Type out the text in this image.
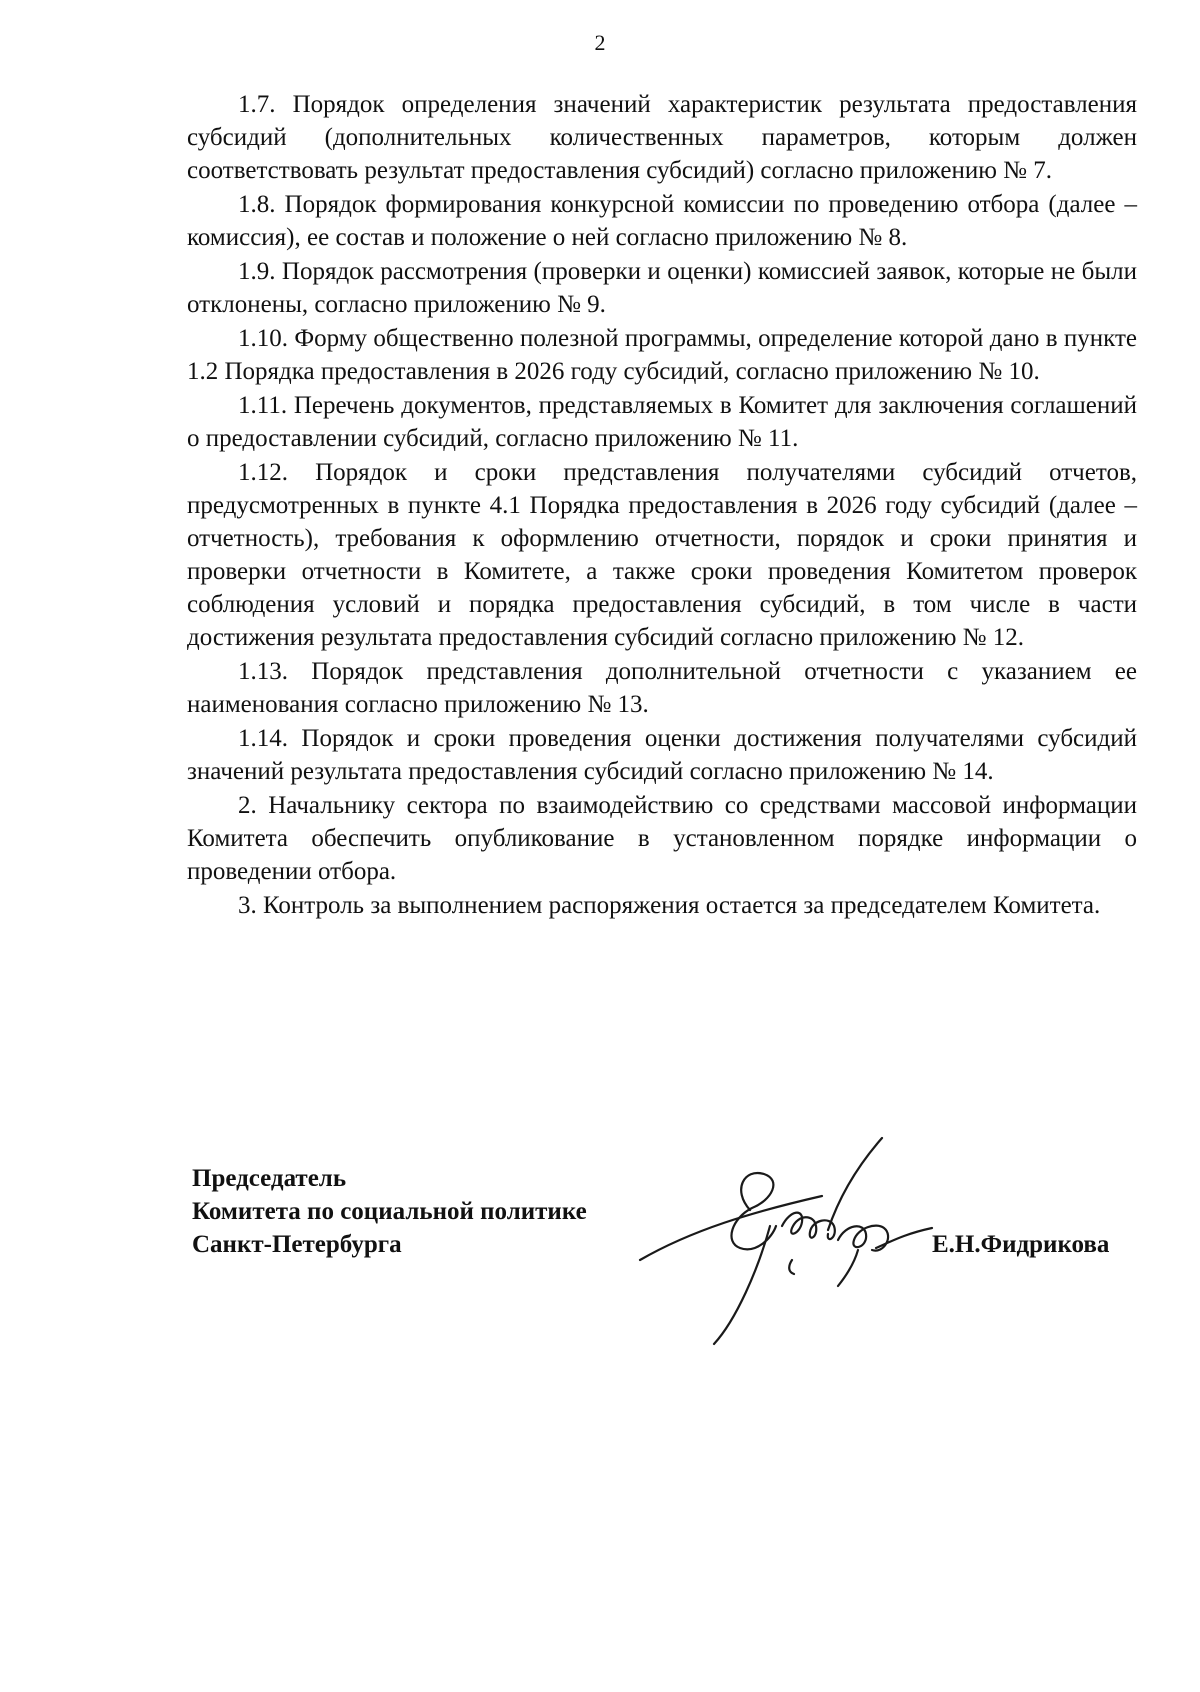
2

1.7. Порядок определения значений характеристик результата предоставления субсидий (дополнительных количественных параметров, которым должен соответствовать результат предоставления субсидий) согласно приложению № 7.

1.8. Порядок формирования конкурсной комиссии по проведению отбора (далее – комиссия), ее состав и положение о ней согласно приложению № 8.

1.9. Порядок рассмотрения (проверки и оценки) комиссией заявок, которые не были отклонены, согласно приложению № 9.

1.10. Форму общественно полезной программы, определение которой дано в пункте 1.2 Порядка предоставления в 2026 году субсидий, согласно приложению № 10.

1.11. Перечень документов, представляемых в Комитет для заключения соглашений о предоставлении субсидий, согласно приложению № 11.

1.12. Порядок и сроки представления получателями субсидий отчетов, предусмотренных в пункте 4.1 Порядка предоставления в 2026 году субсидий (далее – отчетность), требования к оформлению отчетности, порядок и сроки принятия и проверки отчетности в Комитете, а также сроки проведения Комитетом проверок соблюдения условий и порядка предоставления субсидий, в том числе в части достижения результата предоставления субсидий согласно приложению № 12.

1.13. Порядок представления дополнительной отчетности с указанием ее наименования согласно приложению № 13.

1.14. Порядок и сроки проведения оценки достижения получателями субсидий значений результата предоставления субсидий согласно приложению № 14.

2. Начальнику сектора по взаимодействию со средствами массовой информации Комитета обеспечить опубликование в установленном порядке информации о проведении отбора.

3. Контроль за выполнением распоряжения остается за председателем Комитета.

Председатель
Комитета по социальной политике
Санкт-Петербурга	Е.Н.Фидрикова
